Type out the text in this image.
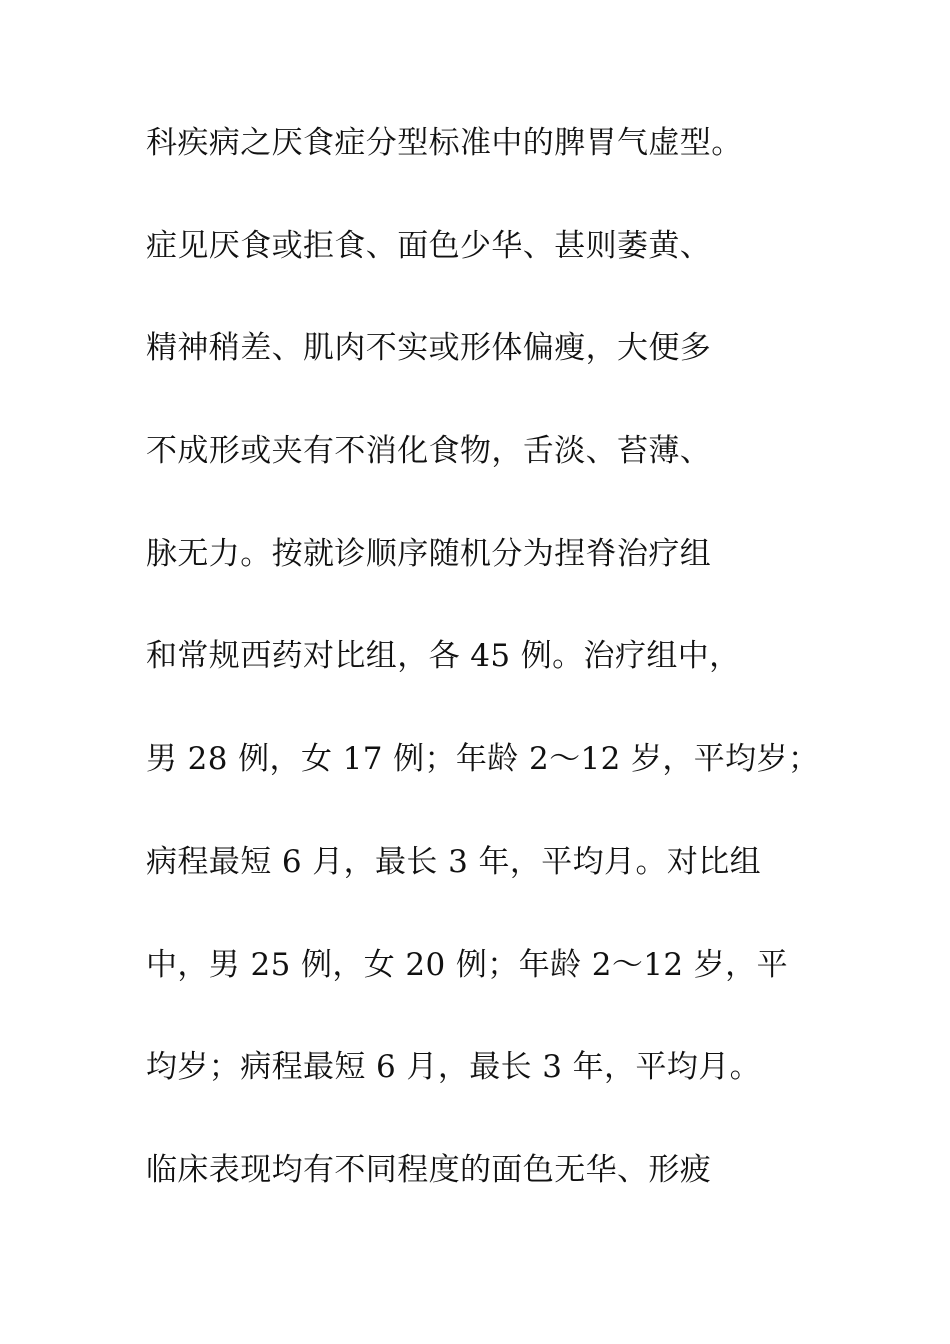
科疾病之厌食症分型标准中的脾胃气虚型。
症见厌食或拒食、面色少华、甚则萎黄、
精神稍差、肌肉不实或形体偏瘦，大便多
不成形或夹有不消化食物，舌淡、苔薄、
脉无力。按就诊顺序随机分为捏脊治疗组
和常规西药对比组，各 45 例。治疗组中，
男 28 例，女 17 例；年龄 2～12 岁，平均岁；
病程最短 6 月，最长 3 年，平均月。对比组
中，男 25 例，女 20 例；年龄 2～12 岁，平
均岁；病程最短 6 月，最长 3 年，平均月。
临床表现均有不同程度的面色无华、形疲
